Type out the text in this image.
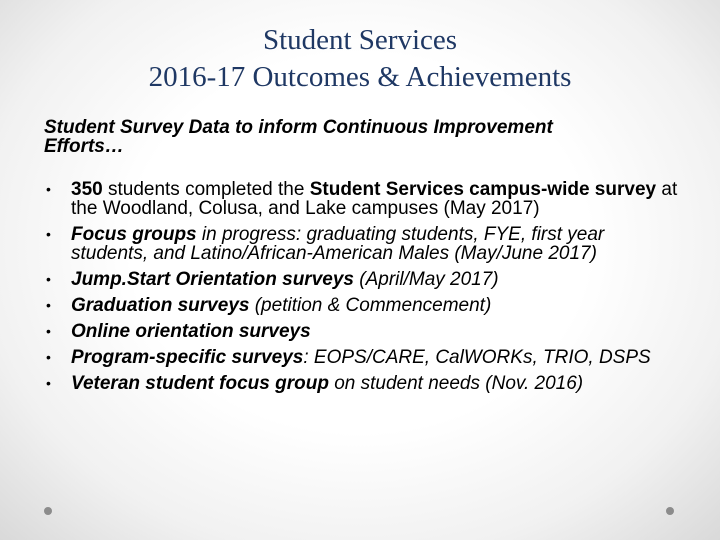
Student Services
2016-17 Outcomes & Achievements
Student Survey Data to inform Continuous Improvement
Efforts…
•	350 students completed the Student Services campus-wide survey at the Woodland, Colusa, and Lake campuses (May 2017)
•	Focus groups in progress: graduating students, FYE, first year students, and Latino/African-American Males (May/June 2017)
•	Jump.Start Orientation surveys (April/May 2017)
•	Graduation surveys (petition & Commencement)
•	Online orientation surveys
•	Program-specific surveys: EOPS/CARE, CalWORKs, TRIO, DSPS
•	Veteran student focus group on student needs (Nov. 2016)
